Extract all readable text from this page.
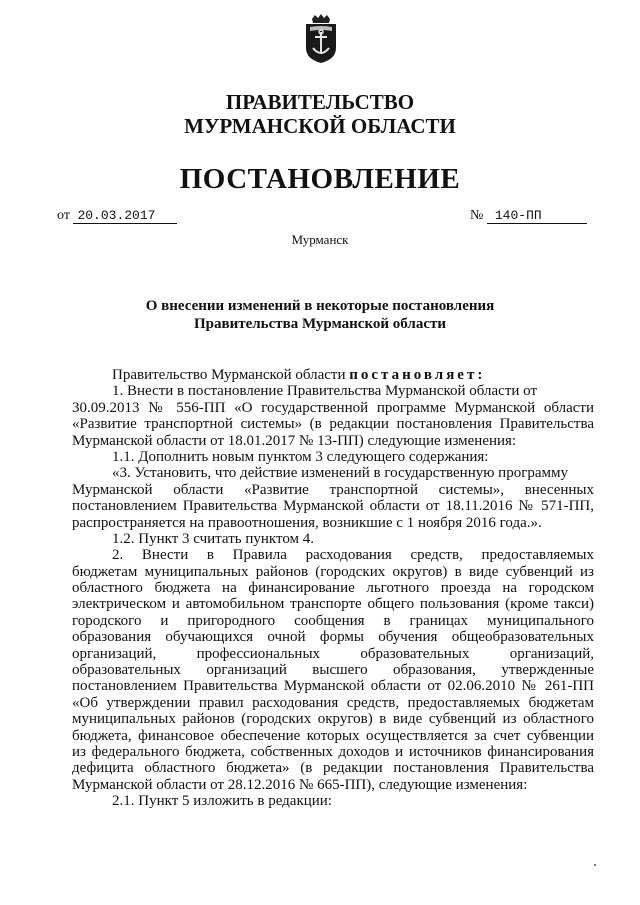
ПРАВИТЕЛЬСТВО
МУРМАНСКОЙ ОБЛАСТИ
ПОСТАНОВЛЕНИЕ
от 20.03.2017	№ 140-ПП
Мурманск
О внесении изменений в некоторые постановления
Правительства Мурманской области
Правительство Мурманской области постановляет:
1. Внести в постановление Правительства Мурманской области от
30.09.2013 № 556-ПП «О государственной программе Мурманской области
«Развитие транспортной системы» (в редакции постановления Правительства
Мурманской области от 18.01.2017 № 13-ПП) следующие изменения:
1.1. Дополнить новым пунктом 3 следующего содержания:
«3. Установить, что действие изменений в государственную программу
Мурманской области «Развитие транспортной системы», внесенных
постановлением Правительства Мурманской области от 18.11.2016 № 571-ПП,
распространяется на правоотношения, возникшие с 1 ноября 2016 года.».
1.2. Пункт 3 считать пунктом 4.
2. Внести в Правила расходования средств, предоставляемых
бюджетам муниципальных районов (городских округов) в виде субвенций из
областного бюджета на финансирование льготного проезда на городском
электрическом и автомобильном транспорте общего пользования (кроме такси)
городского и пригородного сообщения в границах муниципального
образования обучающихся очной формы обучения общеобразовательных
организаций, профессиональных образовательных организаций,
образовательных организаций высшего образования, утвержденные
постановлением Правительства Мурманской области от 02.06.2010 № 261-ПП
«Об утверждении правил расходования средств, предоставляемых бюджетам
муниципальных районов (городских округов) в виде субвенций из областного
бюджета, финансовое обеспечение которых осуществляется за счет субвенции
из федерального бюджета, собственных доходов и источников финансирования
дефицита областного бюджета» (в редакции постановления Правительства
Мурманской области от 28.12.2016 № 665-ПП), следующие изменения:
2.1. Пункт 5 изложить в редакции:
